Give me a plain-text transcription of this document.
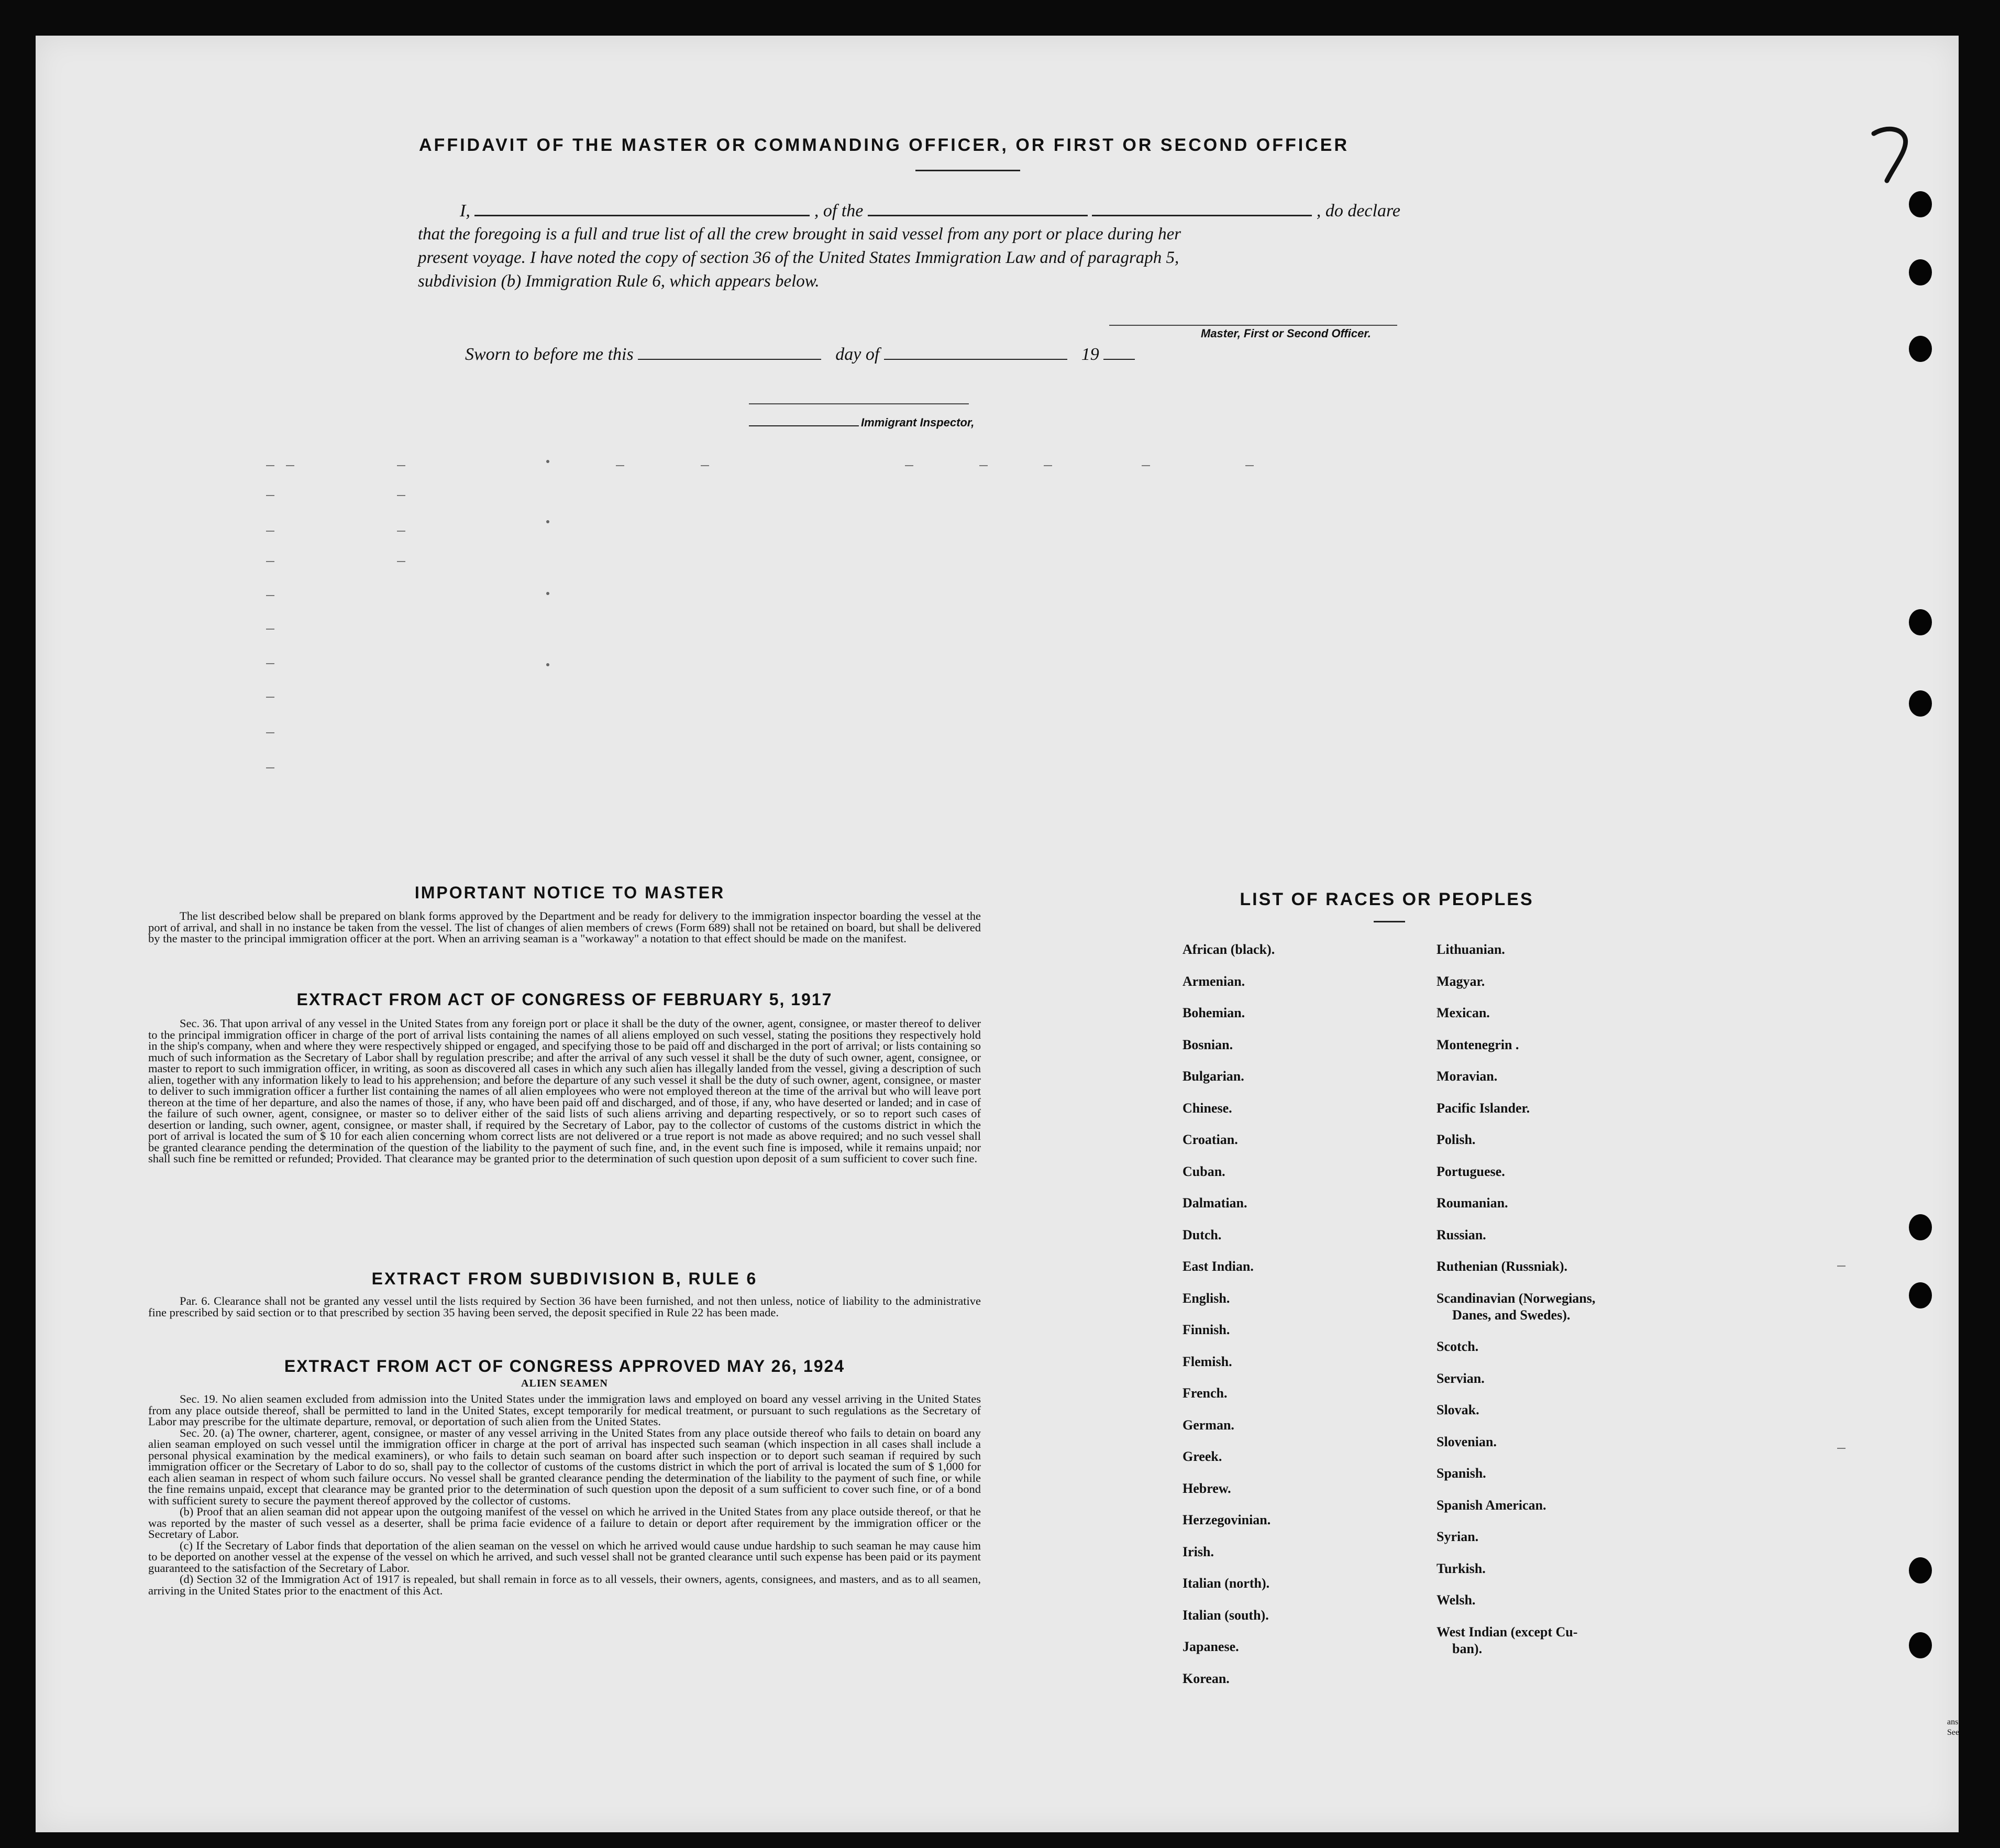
AFFIDAVIT OF THE MASTER OR COMMANDING OFFICER, OR FIRST OR SECOND OFFICER
I,	, of the	, do declare
that the foregoing is a full and true list of all the crew brought in said vessel from any port or place during her
present voyage. I have noted the copy of section 36 of the United States Immigration Law and of paragraph 5,
subdivision (b) Immigration Rule 6, which appears below.
Master, First or Second Officer.
Sworn to before me this	day of	19
Immigrant Inspector,
IMPORTANT NOTICE TO MASTER

The list described below shall be prepared on blank forms approved by the Department and be ready for delivery to the immigration inspector boarding the vessel at the port of arrival, and shall in no instance be taken from the vessel. The list of changes of alien members of crews (Form 689) shall not be retained on board, but shall be delivered by the master to the principal immigration officer at the port. When an arriving seaman is a "workaway" a notation to that effect should be made on the manifest.

EXTRACT FROM ACT OF CONGRESS OF FEBRUARY 5, 1917

Sec. 36. That upon arrival of any vessel in the United States from any foreign port or place it shall be the duty of the owner, agent, consignee, or master thereof to deliver to the principal immigration officer in charge of the port of arrival lists containing the names of all aliens employed on such vessel, stating the positions they respectively hold in the ship's company, when and where they were respectively shipped or engaged, and specifying those to be paid off and discharged in the port of arrival; or lists containing so much of such information as the Secretary of Labor shall by regulation prescribe; and after the arrival of any such vessel it shall be the duty of such owner, agent, consignee, or master to report to such immigration officer, in writing, as soon as discovered all cases in which any such alien has illegally landed from the vessel, giving a description of such alien, together with any information likely to lead to his apprehension; and before the departure of any such vessel it shall be the duty of such owner, agent, consignee, or master to deliver to such immigration officer a further list containing the names of all alien employees who were not employed thereon at the time of the arrival but who will leave port thereon at the time of her departure, and also the names of those, if any, who have been paid off and discharged, and of those, if any, who have deserted or landed; and in case of the failure of such owner, agent, consignee, or master so to deliver either of the said lists of such aliens arriving and departing respectively, or so to report such cases of desertion or landing, such owner, agent, consignee, or master shall, if required by the Secretary of Labor, pay to the collector of customs of the customs district in which the port of arrival is located the sum of $ 10 for each alien concerning whom correct lists are not delivered or a true report is not made as above required; and no such vessel shall be granted clearance pending the determination of the question of the liability to the payment of such fine, and, in the event such fine is imposed, while it remains unpaid; nor shall such fine be remitted or refunded; Provided. That clearance may be granted prior to the determination of such question upon deposit of a sum sufficient to cover such fine.

EXTRACT FROM SUBDIVISION B, RULE 6

Par. 6. Clearance shall not be granted any vessel until the lists required by Section 36 have been furnished, and not then unless, notice of liability to the administrative fine prescribed by said section or to that prescribed by section 35 having been served, the deposit specified in Rule 22 has been made.

EXTRACT FROM ACT OF CONGRESS APPROVED MAY 26, 1924
ALIEN SEAMEN

Sec. 19. No alien seamen excluded from admission into the United States under the immigration laws and employed on board any vessel arriving in the United States from any place outside thereof, shall be permitted to land in the United States, except temporarily for medical treatment, or pursuant to such regulations as the Secretary of Labor may prescribe for the ultimate departure, removal, or deportation of such alien from the United States.

Sec. 20. (a) The owner, charterer, agent, consignee, or master of any vessel arriving in the United States from any place outside thereof who fails to detain on board any alien seaman employed on such vessel until the immigration officer in charge at the port of arrival has inspected such seaman (which inspection in all cases shall include a personal physical examination by the medical examiners), or who fails to detain such seaman on board after such inspection or to deport such seaman if required by such immigration officer or the Secretary of Labor to do so, shall pay to the collector of customs of the customs district in which the port of arrival is located the sum of $ 1,000 for each alien seaman in respect of whom such failure occurs. No vessel shall be granted clearance pending the determination of the liability to the payment of such fine, or while the fine remains unpaid, except that clearance may be granted prior to the determination of such question upon the deposit of a sum sufficient to cover such fine, or of a bond with sufficient surety to secure the payment thereof approved by the collector of customs.

(b) Proof that an alien seaman did not appear upon the outgoing manifest of the vessel on which he arrived in the United States from any place outside thereof, or that he was reported by the master of such vessel as a deserter, shall be prima facie evidence of a failure to detain or deport after requirement by the immigration officer or the Secretary of Labor.

(c) If the Secretary of Labor finds that deportation of the alien seaman on the vessel on which he arrived would cause undue hardship to such seaman he may cause him to be deported on another vessel at the expense of the vessel on which he arrived, and such vessel shall not be granted clearance until such expense has been paid or its payment guaranteed to the satisfaction of the Secretary of Labor.

(d) Section 32 of the Immigration Act of 1917 is repealed, but shall remain in force as to all vessels, their owners, agents, consignees, and masters, and as to all seamen, arriving in the United States prior to the enactment of this Act.

LIST OF RACES OR PEOPLES
African (black).
Armenian.
Bohemian.
Bosnian.
Bulgarian.
Chinese.
Croatian.
Cuban.
Dalmatian.
Dutch.
East Indian.
English.
Finnish.
Flemish.
French.
German.
Greek.
Hebrew.
Herzegovinian.
Irish.
Italian (north).
Italian (south).
Japanese.
Korean.
Lithuanian.
Magyar.
Mexican.
Montenegrin .
Moravian.
Pacific Islander.
Polish.
Portuguese.
Roumanian.
Russian.
Ruthenian (Russniak).
Scandinavian (Norwegians,
Danes, and Swedes).
Scotch.
Servian.
Slovak.
Slovenian.
Spanish.
Spanish American.
Syrian.
Turkish.
Welsh.
West Indian (except Cu-
ban).
ans
See
